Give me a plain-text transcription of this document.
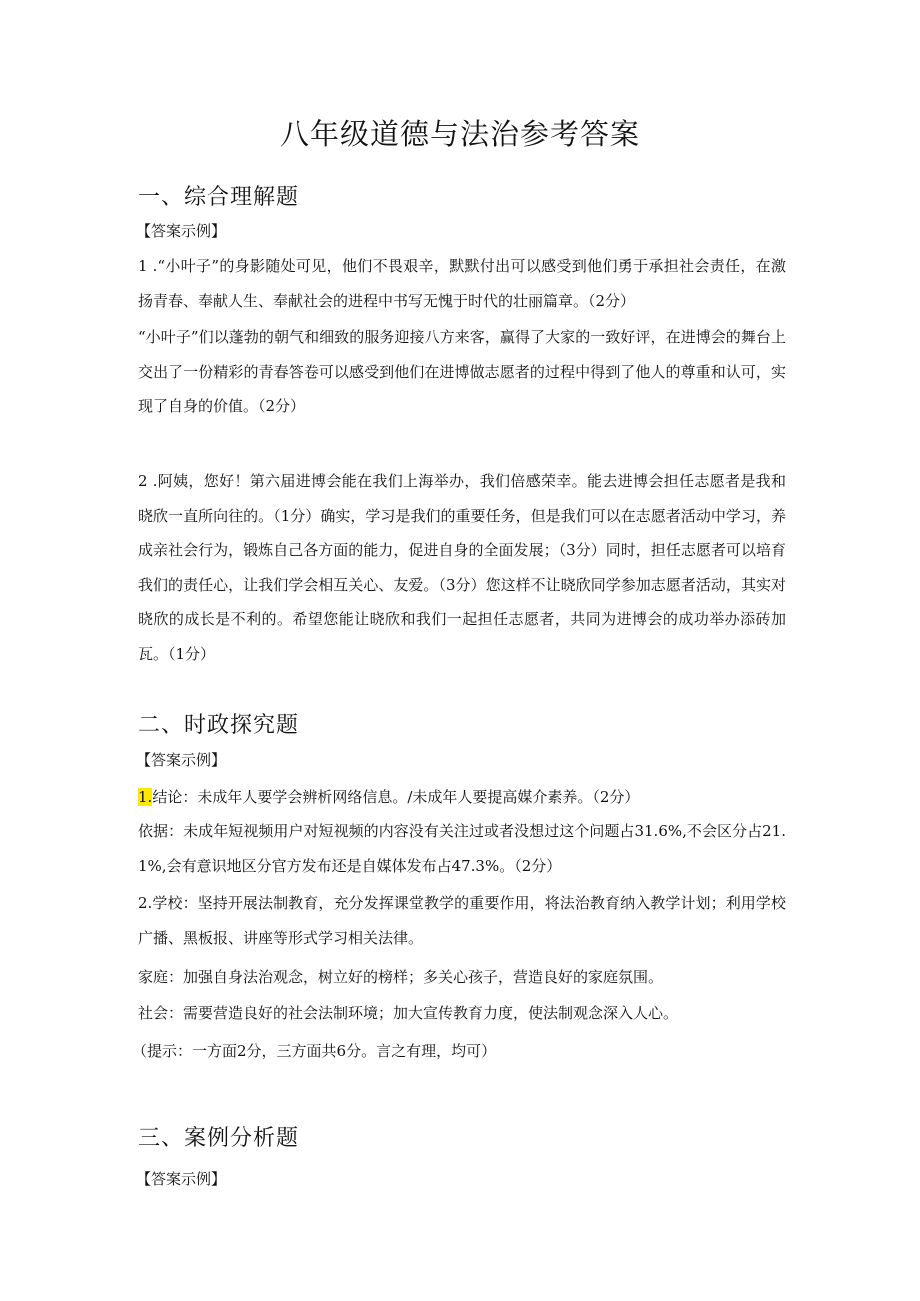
八年级道德与法治参考答案
一、综合理解题
【答案示例】
1 .“小叶子”的身影随处可见，他们不畏艰辛，默默付出可以感受到他们勇于承担社会责任，在激扬青春、奉献人生、奉献社会的进程中书写无愧于时代的壮丽篇章。（2分）
“小叶子”们以蓬勃的朝气和细致的服务迎接八方来客，赢得了大家的一致好评，在进博会的舞台上交出了一份精彩的青春答卷可以感受到他们在进博做志愿者的过程中得到了他人的尊重和认可，实现了自身的价值。（2分）
2 .阿姨，您好！第六届进博会能在我们上海举办，我们倍感荣幸。能去进博会担任志愿者是我和晓欣一直所向往的。（1分）确实，学习是我们的重要任务，但是我们可以在志愿者活动中学习，养成亲社会行为，锻炼自己各方面的能力，促进自身的全面发展；（3分）同时，担任志愿者可以培育我们的责任心，让我们学会相互关心、友爱。（3分）您这样不让晓欣同学参加志愿者活动，其实对晓欣的成长是不利的。希望您能让晓欣和我们一起担任志愿者，共同为进博会的成功举办添砖加瓦。（1分）
二、时政探究题
【答案示例】
1.结论：未成年人要学会辨析网络信息。/未成年人要提高媒介素养。（2分）
依据：未成年短视频用户对短视频的内容没有关注过或者没想过这个问题占31.6%,不会区分占21.1%,会有意识地区分官方发布还是自媒体发布占47.3%。（2分）
2.学校：坚持开展法制教育，充分发挥课堂教学的重要作用，将法治教育纳入教学计划；利用学校广播、黑板报、讲座等形式学习相关法律。
家庭：加强自身法治观念，树立好的榜样；多关心孩子，营造良好的家庭氛围。
社会：需要营造良好的社会法制环境；加大宣传教育力度，使法制观念深入人心。
（提示：一方面2分，三方面共6分。言之有理，均可）
三、案例分析题
【答案示例】
